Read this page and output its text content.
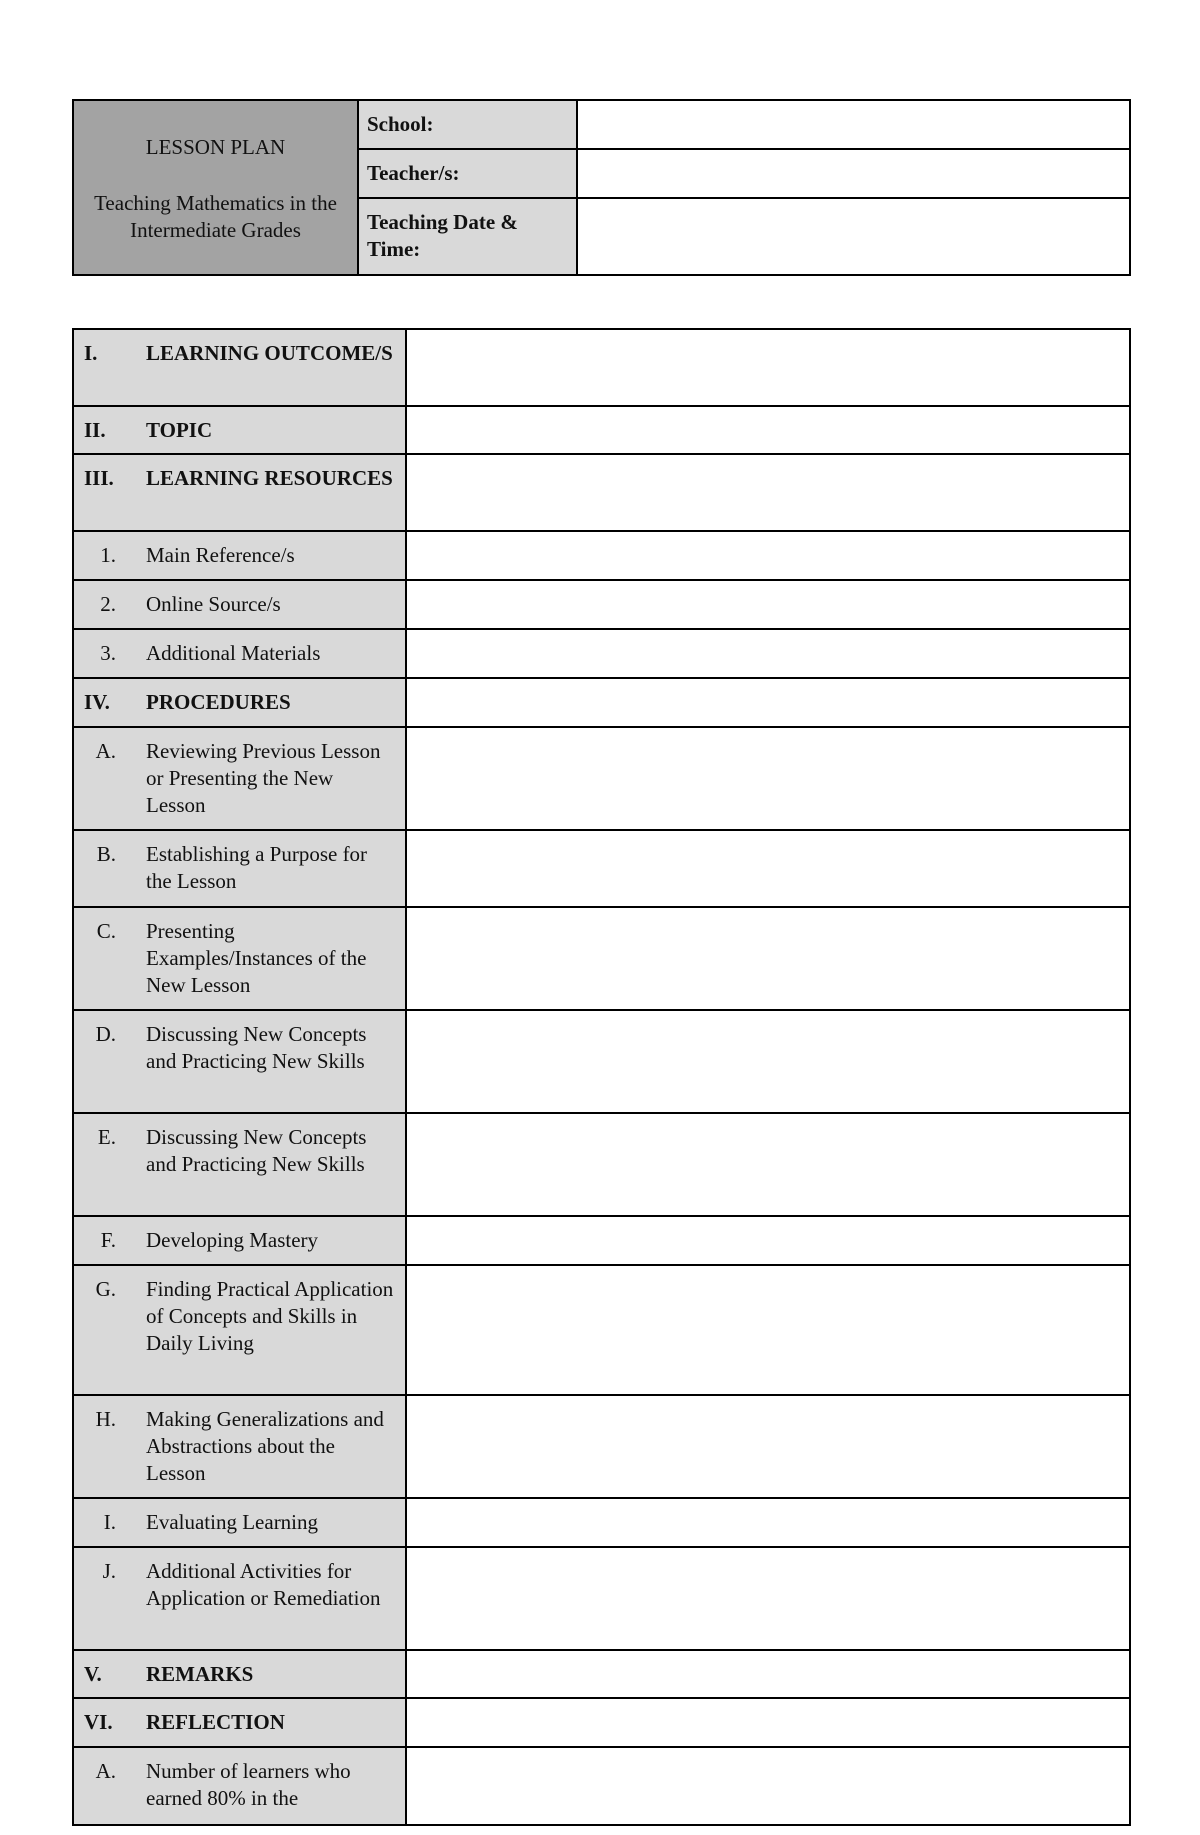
LESSON PLAN
Teaching Mathematics in the Intermediate Grades	School:	
	Teacher/s:	
	Teaching Date & Time:	
I. LEARNING OUTCOME/S	

II. TOPIC	

III. LEARNING RESOURCES	

1. Main Reference/s	

2. Online Source/s	

3. Additional Materials	

IV. PROCEDURES	

A. Reviewing Previous Lesson or Presenting the New Lesson	

B. Establishing a Purpose for the Lesson	

C. Presenting Examples/Instances of the New Lesson	

D. Discussing New Concepts and Practicing New Skills	

E. Discussing New Concepts and Practicing New Skills	

F. Developing Mastery	

G. Finding Practical Application of Concepts and Skills in Daily Living	

H. Making Generalizations and Abstractions about the Lesson	

I. Evaluating Learning	

J. Additional Activities for Application or Remediation	

V. REMARKS	

VI. REFLECTION	

A. Number of learners who earned 80% in the	
